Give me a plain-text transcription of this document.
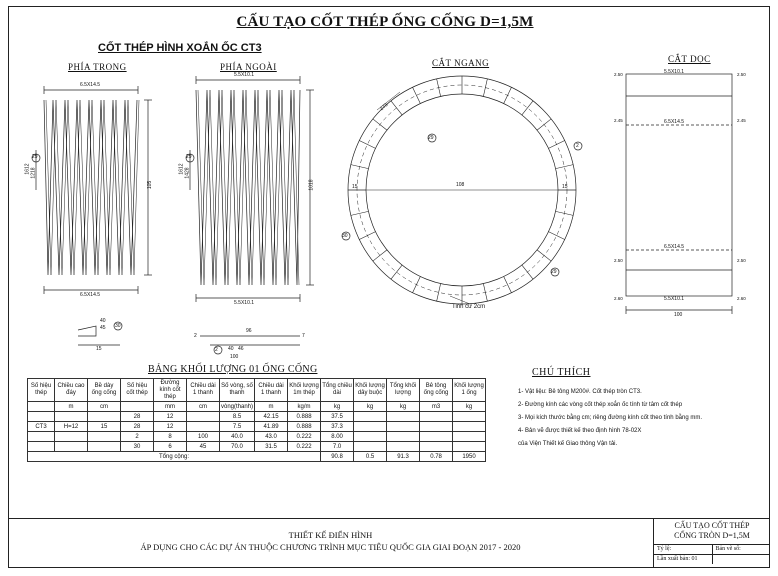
CẤU TẠO CỐT THÉP ỐNG CỐNG D=1,5M
CỐT THÉP HÌNH XOẮN ỐC CT3
PHÍA TRONG	PHÍA NGOÀI	CẮT NGANG	CẮT DỌC
6.5X14.5
6.5X14.5
5.5X10.1
5.5X10.1
1612 1218
29
105
1612 1428
29
1018
40
45 30
15
96
2 40 46
100
2	7
108
273
15	15
29
2
30
29
Tinh cư 2cm
5.5X10.1
6.5X14.5
6.5X14.5
5.5X10.1
100
2.50
2.45
2.50
2.60
2.50
2.45
2.50
2.60
BẢNG KHỐI LƯỢNG 01 ỐNG CỐNG
Số hiệu thép	Chiều cao đáy	Bề dày ống cống	Số hiệu cốt thép	Đường kính cốt thép	Chiều dài 1 thanh	Số vòng, số thanh	Chiều dài 1 thanh	Khối lượng 1m thép	Tổng chiều dài	Khối lượng dây buộc	Tổng khối lượng	Bê tông ống cống	Khối lượng 1 ống
	m	cm		mm	cm	vòng(thanh)	m	kg/m	kg	kg	kg	m3	kg
			28	12		8.5	42.15	0.888	37.5				
CT3	H=12	15	28	12		7.5	41.89	0.888	37.3				
			2	8	100	40.0	43.0	0.222	8.00				
			30	6	45	70.0	31.5	0.222	7.0				
Tổng cộng:									90.8	0.5	91.3	0.78	1950
CHÚ THÍCH
1- Vật liệu: Bê tông M200#. Cốt thép tròn CT3.
2- Đường kính các vòng cốt thép xoắn ốc tính từ tâm cốt thép
3- Mọi kích thước bằng cm; riêng đường kính cốt theo tính bằng mm.
4- Bản vẽ được thiết kế theo định hình 78-02X
của Viện Thiết kế Giao thông Vận tải.
THIẾT KẾ ĐIỂN HÌNH
ÁP DỤNG CHO CÁC DỰ ÁN THUỘC CHƯƠNG TRÌNH MỤC TIÊU QUỐC GIA GIAI ĐOẠN 2017 - 2020
CẤU TẠO CỐT THÉP
CỐNG TRÒN D=1,5M
Tỷ lệ:	Bản vẽ số:
Lần xuất bản: 01
